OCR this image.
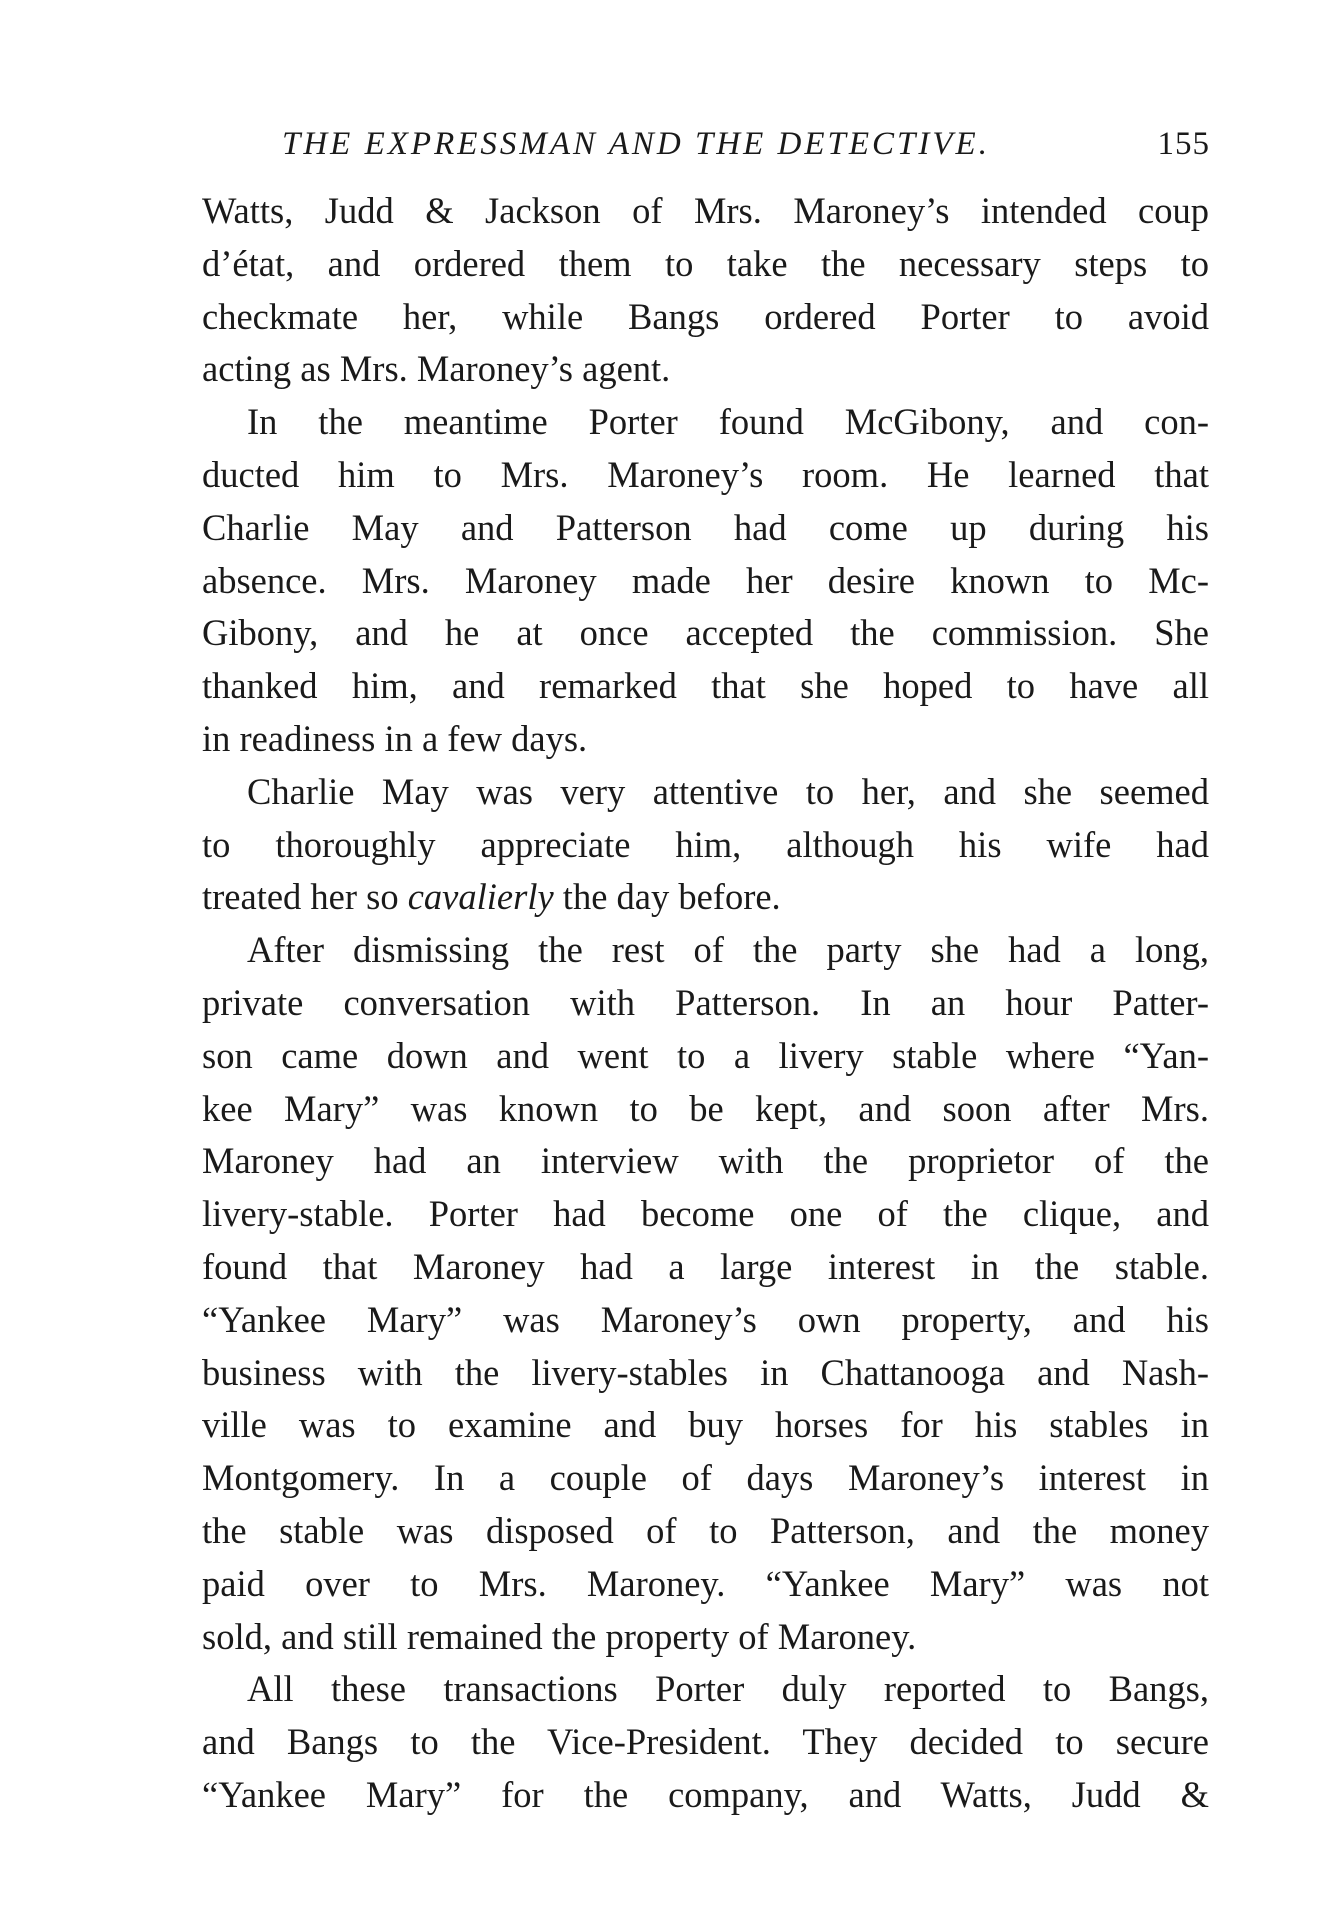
THE EXPRESSMAN AND THE DETECTIVE.	155
Watts, Judd & Jackson of Mrs. Maroney’s intended coup
d’état, and ordered them to take the necessary steps to
checkmate her, while Bangs ordered Porter to avoid
acting as Mrs. Maroney’s agent.
In the meantime Porter found McGibony, and con-
ducted him to Mrs. Maroney’s room. He learned that
Charlie May and Patterson had come up during his
absence. Mrs. Maroney made her desire known to Mc-
Gibony, and he at once accepted the commission. She
thanked him, and remarked that she hoped to have all
in readiness in a few days.
Charlie May was very attentive to her, and she seemed
to thoroughly appreciate him, although his wife had
treated her so cavalierly the day before.
After dismissing the rest of the party she had a long,
private conversation with Patterson. In an hour Patter-
son came down and went to a livery stable where “Yan-
kee Mary” was known to be kept, and soon after Mrs.
Maroney had an interview with the proprietor of the
livery-stable. Porter had become one of the clique, and
found that Maroney had a large interest in the stable.
“Yankee Mary” was Maroney’s own property, and his
business with the livery-stables in Chattanooga and Nash-
ville was to examine and buy horses for his stables in
Montgomery. In a couple of days Maroney’s interest in
the stable was disposed of to Patterson, and the money
paid over to Mrs. Maroney. “Yankee Mary” was not
sold, and still remained the property of Maroney.
All these transactions Porter duly reported to Bangs,
and Bangs to the Vice-President. They decided to secure
“Yankee Mary” for the company, and Watts, Judd &
